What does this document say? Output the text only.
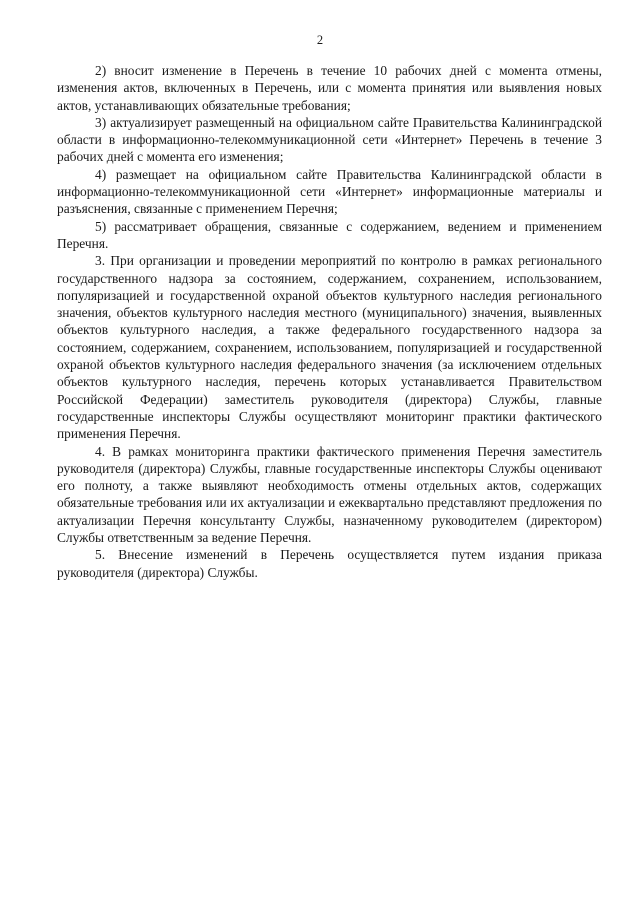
2

2) вносит изменение в Перечень в течение 10 рабочих дней с момента отмены, изменения актов, включенных в Перечень, или с момента принятия или выявления новых актов, устанавливающих обязательные требования;

3) актуализирует размещенный на официальном сайте Правительства Калининградской области в информационно-телекоммуникационной сети «Интернет» Перечень в течение 3 рабочих дней с момента его изменения;

4) размещает на официальном сайте Правительства Калининградской области в информационно-телекоммуникационной сети «Интернет» информационные материалы и разъяснения, связанные с применением Перечня;

5) рассматривает обращения, связанные с содержанием, ведением и применением Перечня.

3. При организации и проведении мероприятий по контролю в рамках регионального государственного надзора за состоянием, содержанием, сохранением, использованием, популяризацией и государственной охраной объектов культурного наследия регионального значения, объектов культурного наследия местного (муниципального) значения, выявленных объектов культурного наследия, а также федерального государственного надзора за состоянием, содержанием, сохранением, использованием, популяризацией и государственной охраной объектов культурного наследия федерального значения (за исключением отдельных объектов культурного наследия, перечень которых устанавливается Правительством Российской Федерации) заместитель руководителя (директора) Службы, главные государственные инспекторы Службы осуществляют мониторинг практики фактического применения Перечня.

4. В рамках мониторинга практики фактического применения Перечня заместитель руководителя (директора) Службы, главные государственные инспекторы Службы оценивают его полноту, а также выявляют необходимость отмены отдельных актов, содержащих обязательные требования или их актуализации и ежеквартально представляют предложения по актуализации Перечня консультанту Службы, назначенному руководителем (директором) Службы ответственным за ведение Перечня.

5. Внесение изменений в Перечень осуществляется путем издания приказа руководителя (директора) Службы.
